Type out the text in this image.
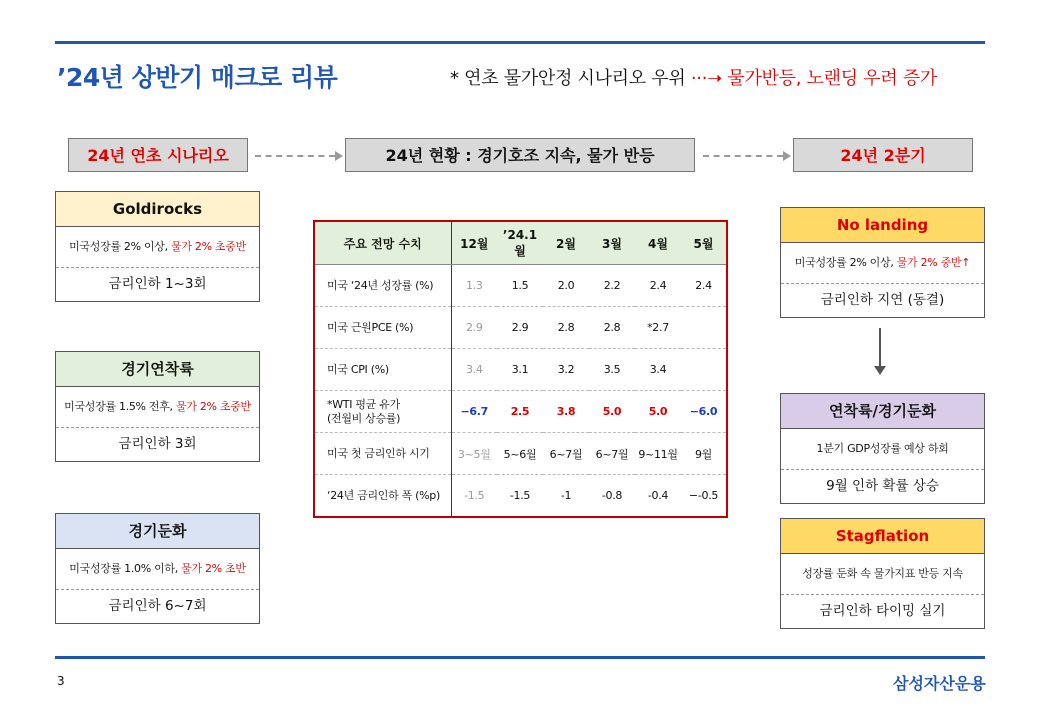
’24년 상반기 매크로 리뷰	* 연초 물가안정 시나리오 우위 ···➝ 물가반등, 노랜딩 우려 증가
24년 연초 시나리오	24년 현황 : 경기호조 지속, 물가 반등	24년 2분기
Goldirocks
미국성장률 2% 이상, 물가 2% 초중반
금리인하 1~3회
경기연착륙
미국성장률 1.5% 전후, 물가 2% 초중반
금리인하 3회
경기둔화
미국성장률 1.0% 이하, 물가 2% 초반
금리인하 6~7회
주요 전망 수치	12월	’24.1월	2월	3월	4월	5월
미국 ‘24년 성장률 (%)	1.3	1.5	2.0	2.2	2.4	2.4
미국 근원PCE (%)	2.9	2.9	2.8	2.8	*2.7	
미국 CPI (%)	3.4	3.1	3.2	3.5	3.4	
*WTI 평균 유가
(전월비 상승률)	−6.7	2.5	3.8	5.0	5.0	−6.0
미국 첫 금리인하 시기	3~5월	5~6월	6~7월	6~7월	9~11월	9월
‘24년 금리인하 폭 (%p)	-1.5	-1.5	-1	-0.8	-0.4	−-0.5
No landing
미국성장률 2% 이상, 물가 2% 중반↑
금리인하 지연 (동결)
연착륙/경기둔화
1분기 GDP성장률 예상 하회
9월 인하 확률 상승
Stagflation
성장률 둔화 속 물가지표 반등 지속
금리인하 타이밍 실기
3	삼성자산운용
